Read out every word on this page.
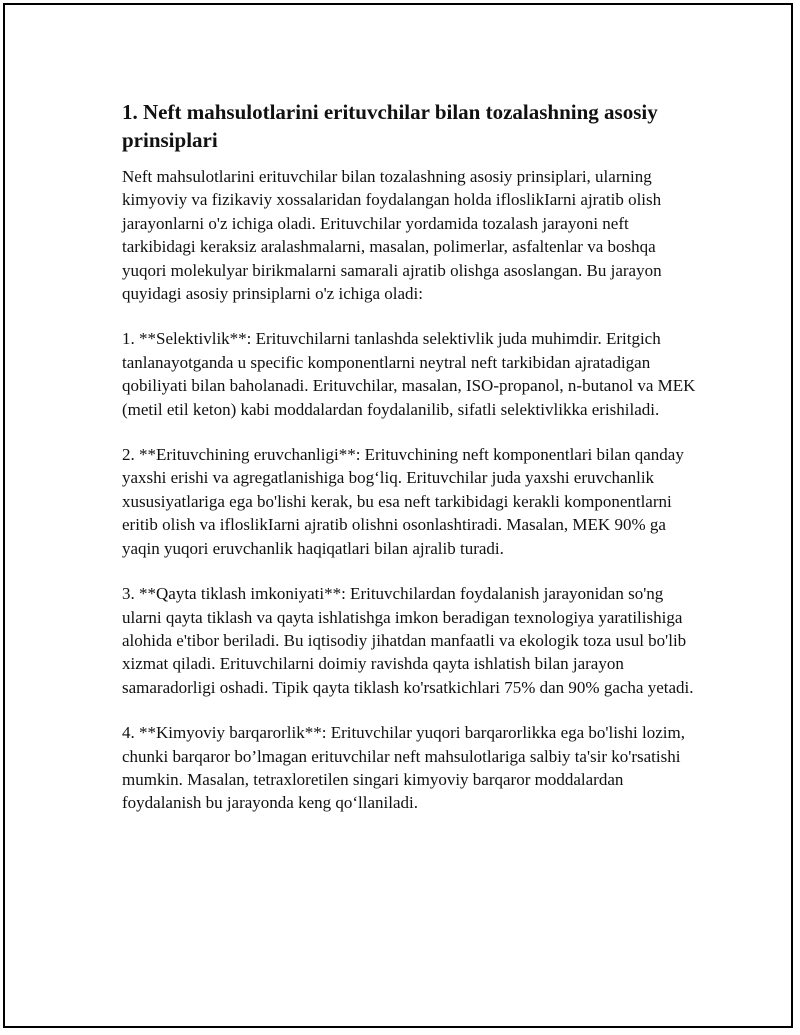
1. Neft mahsulotlarini erituvchilar bilan tozalashning asosiy prinsiplari

Neft mahsulotlarini erituvchilar bilan tozalashning asosiy prinsiplari, ularning kimyoviy va fizikaviy xossalaridan foydalangan holda ifloslikIarni ajratib olish jarayonlarni o'z ichiga oladi. Erituvchilar yordamida tozalash jarayoni neft tarkibidagi keraksiz aralashmalarni, masalan, polimerlar, asfaltenlar va boshqa yuqori molekulyar birikmalarni samarali ajratib olishga asoslangan. Bu jarayon quyidagi asosiy prinsiplarni o'z ichiga oladi:

1. **Selektivlik**: Erituvchilarni tanlashda selektivlik juda muhimdir. Eritgich tanlanayotganda u specific komponentlarni neytral neft tarkibidan ajratadigan qobiliyati bilan baholanadi. Erituvchilar, masalan, ISO-propanol, n-butanol va MEK (metil etil keton) kabi moddalardan foydalanilib, sifatli selektivlikka erishiladi.

2. **Erituvchining eruvchanligi**: Erituvchining neft komponentlari bilan qanday yaxshi erishi va agregatlanishiga bog‘liq. Erituvchilar juda yaxshi eruvchanlik xususiyatlariga ega bo'lishi kerak, bu esa neft tarkibidagi kerakli komponentlarni eritib olish va ifloslikIarni ajratib olishni osonlashtiradi. Masalan, MEK 90% ga yaqin yuqori eruvchanlik haqiqatlari bilan ajralib turadi.

3. **Qayta tiklash imkoniyati**: Erituvchilardan foydalanish jarayonidan so'ng ularni qayta tiklash va qayta ishlatishga imkon beradigan texnologiya yaratilishiga alohida e'tibor beriladi. Bu iqtisodiy jihatdan manfaatli va ekologik toza usul bo'lib xizmat qiladi. Erituvchilarni doimiy ravishda qayta ishlatish bilan jarayon samaradorligi oshadi. Tipik qayta tiklash ko'rsatkichlari 75% dan 90% gacha yetadi.

4. **Kimyoviy barqarorlik**: Erituvchilar yuqori barqarorlikka ega bo'lishi lozim, chunki barqaror bo’lmagan erituvchilar neft mahsulotlariga salbiy ta'sir ko'rsatishi mumkin. Masalan, tetraxloretilen singari kimyoviy barqaror moddalardan foydalanish bu jarayonda keng qo‘llaniladi.
